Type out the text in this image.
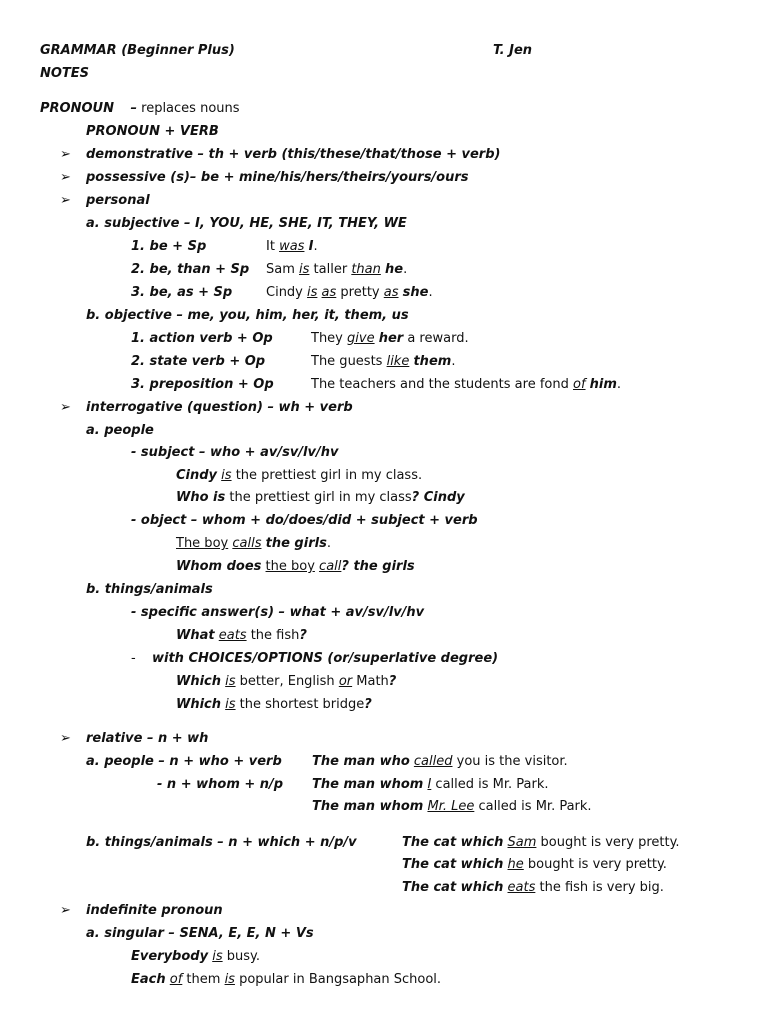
GRAMMAR (Beginner Plus)	T. Jen
NOTES
PRONOUN – replaces nouns
PRONOUN + VERB
➢ demonstrative – th + verb (this/these/that/those + verb)
➢ possessive (s)– be + mine/his/hers/theirs/yours/ours
➢ personal
a. subjective – I, YOU, HE, SHE, IT, THEY, WE
1. be + Sp	It was I.
2. be, than + Sp Sam is taller than he.
3. be, as + Sp	Cindy is as pretty as she.
b. objective – me, you, him, her, it, them, us
1. action verb + Op	They give her a reward.
2. state verb + Op	The guests like them.
3. preposition + Op	The teachers and the students are fond of him.
➢ interrogative (question) – wh + verb
a. people
- subject – who + av/sv/lv/hv
Cindy is the prettiest girl in my class.
Who is the prettiest girl in my class? Cindy
- object – whom + do/does/did + subject + verb
The boy calls the girls.
Whom does the boy call? the girls
b. things/animals
- specific answer(s) – what + av/sv/lv/hv
What eats the fish?
- with CHOICES/OPTIONS (or/superlative degree)
Which is better, English or Math?
Which is the shortest bridge?
➢ relative – n + wh
a. people – n + who + verb The man who called you is the visitor.
- n + whom + n/p The man whom I called is Mr. Park.
The man whom Mr. Lee called is Mr. Park.
b. things/animals – n + which + n/p/v	The cat which Sam bought is very pretty.
The cat which he bought is very pretty.
The cat which eats the fish is very big.
➢ indefinite pronoun
a. singular – SENA, E, E, N + Vs
Everybody is busy.
Each of them is popular in Bangsaphan School.
